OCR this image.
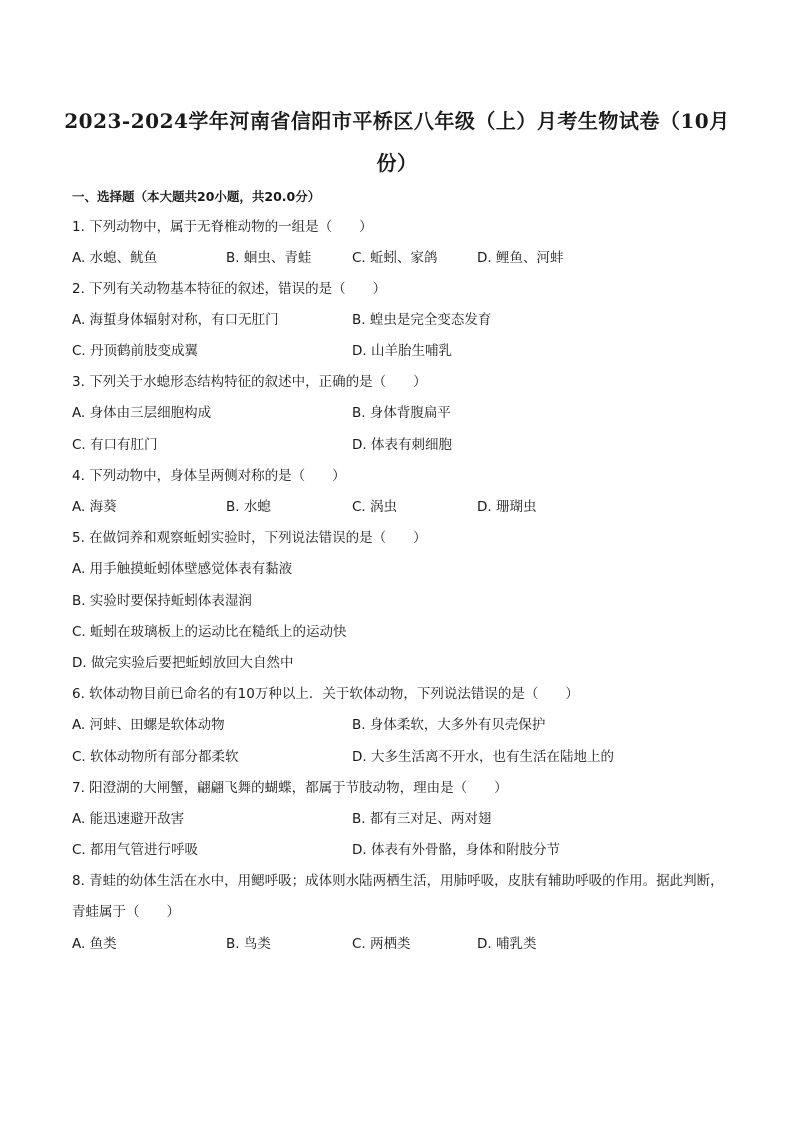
2023-2024学年河南省信阳市平桥区八年级（上）月考生物试卷（10月份）
一、选择题（本大题共20小题，共20.0分）
1. 下列动物中，属于无脊椎动物的一组是（　　）
A. 水螅、鱿鱼	B. 蛔虫、青蛙	C. 蚯蚓、家鸽	D. 鲤鱼、河蚌
2. 下列有关动物基本特征的叙述，错误的是（　　）
A. 海蜇身体辐射对称，有口无肛门	B. 蝗虫是完全变态发育
C. 丹顶鹤前肢变成翼	D. 山羊胎生哺乳
3. 下列关于水螅形态结构特征的叙述中，正确的是（　　）
A. 身体由三层细胞构成	B. 身体背腹扁平
C. 有口有肛门	D. 体表有刺细胞
4. 下列动物中，身体呈两侧对称的是（　　）
A. 海葵	B. 水螅	C. 涡虫	D. 珊瑚虫
5. 在做饲养和观察蚯蚓实验时，下列说法错误的是（　　）
A. 用手触摸蚯蚓体壁感觉体表有黏液
B. 实验时要保持蚯蚓体表湿润
C. 蚯蚓在玻璃板上的运动比在糙纸上的运动快
D. 做完实验后要把蚯蚓放回大自然中
6. 软体动物目前已命名的有10万种以上．关于软体动物，下列说法错误的是（　　）
A. 河蚌、田螺是软体动物	B. 身体柔软，大多外有贝壳保护
C. 软体动物所有部分都柔软	D. 大多生活离不开水，也有生活在陆地上的
7. 阳澄湖的大闸蟹，翩翩飞舞的蝴蝶，都属于节肢动物，理由是（　　）
A. 能迅速避开敌害	B. 都有三对足、两对翅
C. 都用气管进行呼吸	D. 体表有外骨骼，身体和附肢分节
8. 青蛙的幼体生活在水中，用鳃呼吸；成体则水陆两栖生活，用肺呼吸，皮肤有辅助呼吸的作用。据此判断，青蛙属于（　　）
A. 鱼类	B. 鸟类	C. 两栖类	D. 哺乳类
